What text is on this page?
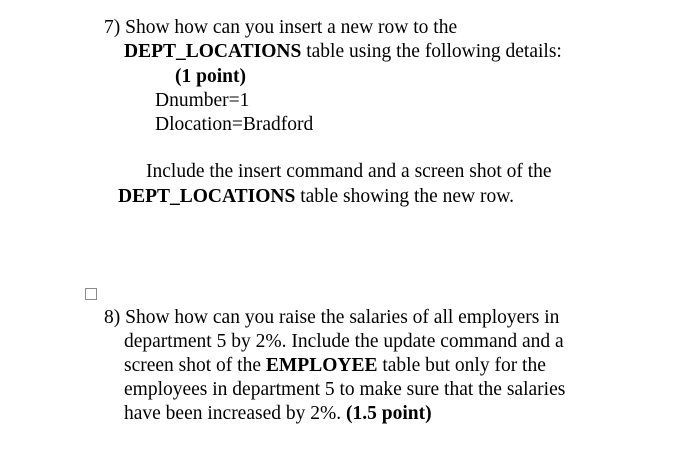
7) Show how can you insert a new row to the

DEPT_LOCATIONS table using the following details:

(1 point)

Dnumber=1

Dlocation=Bradford

Include the insert command and a screen shot of the

DEPT_LOCATIONS table showing the new row.

8) Show how can you raise the salaries of all employers in

department 5 by 2%. Include the update command and a

screen shot of the EMPLOYEE table but only for the

employees in department 5 to make sure that the salaries

have been increased by 2%. (1.5 point)
